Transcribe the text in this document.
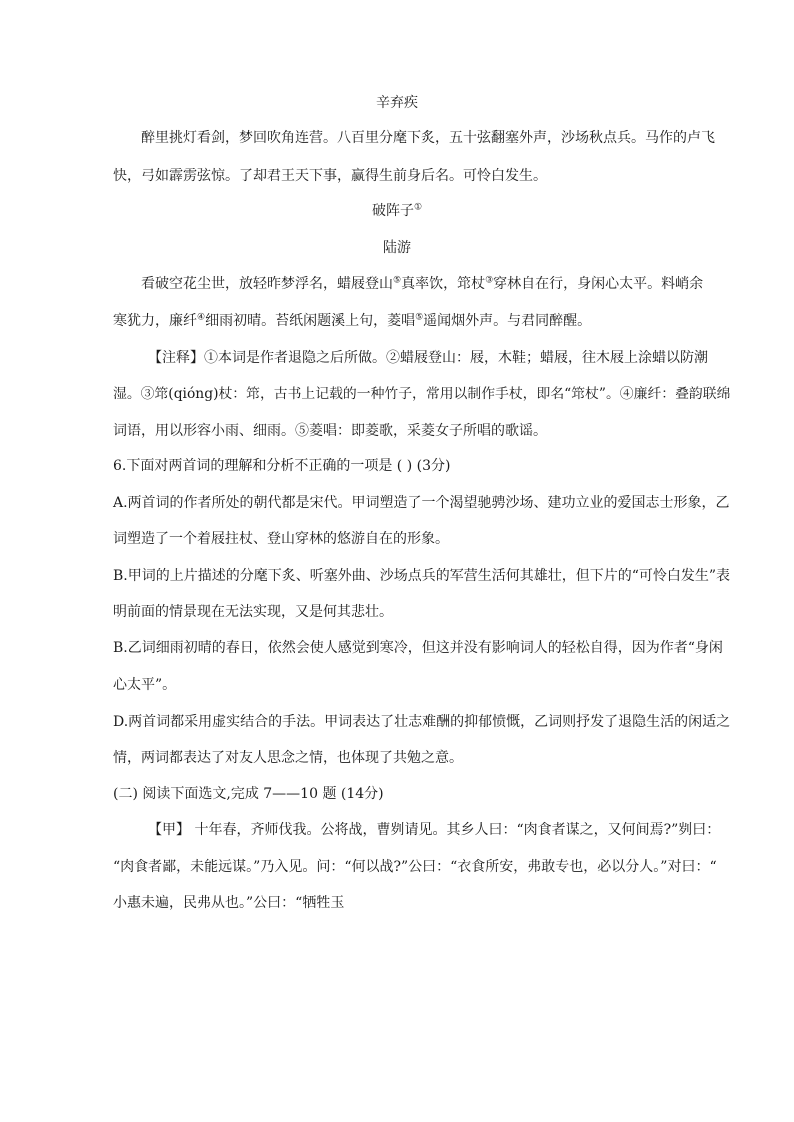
辛弃疾
醉里挑灯看剑，梦回吹角连营。八百里分麾下炙，五十弦翻塞外声，沙场秋点兵。马作的卢飞
快，弓如霹雳弦惊。了却君王天下事，赢得生前身后名。可怜白发生。
破阵子①
陆游
看破空花尘世，放轻昨梦浮名，蜡屐登山⑤真率饮，筇杖③穿林自在行，身闲心太平。料峭余
寒犹力，廉纤④细雨初晴。苔纸闲题溪上句，菱唱⑤遥闻烟外声。与君同醉醒。
【注释】①本词是作者退隐之后所做。②蜡屐登山：屐，木鞋；蜡屐，往木屐上涂蜡以防潮
湿。③筇(qióng)杖：筇，古书上记载的一种竹子，常用以制作手杖，即名“筇杖”。④廉纤：叠韵联绵
词语，用以形容小雨、细雨。⑤菱唱：即菱歌，采菱女子所唱的歌谣。
6.下面对两首词的理解和分析不正确的一项是 ( ) (3分)
A.两首词的作者所处的朝代都是宋代。甲词塑造了一个渴望驰骋沙场、建功立业的爱国志士形象，乙
词塑造了一个着屐拄杖、登山穿林的悠游自在的形象。
B.甲词的上片描述的分麾下炙、听塞外曲、沙场点兵的军营生活何其雄壮，但下片的“可怜白发生”表
明前面的情景现在无法实现，又是何其悲壮。
B.乙词细雨初晴的春日，依然会使人感觉到寒冷，但这并没有影响词人的轻松自得，因为作者“身闲
心太平”。
D.两首词都采用虚实结合的手法。甲词表达了壮志难酬的抑郁愤慨，乙词则抒发了退隐生活的闲适之
情，两词都表达了对友人思念之情，也体现了共勉之意。
(二) 阅读下面选文,完成 7——10 题 (14分)
【甲】 十年春，齐师伐我。公将战，曹刿请见。其乡人曰：“肉食者谋之，又何间焉?”刿曰：
“肉食者鄙，未能远谋。”乃入见。问：“何以战?”公曰：“衣食所安，弗敢专也，必以分人。”对曰：“
小惠未遍，民弗从也。”公曰：“牺牲玉
